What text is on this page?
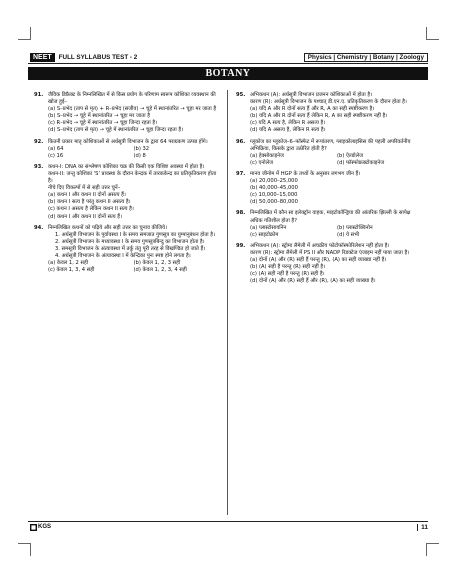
NEET	FULL SYLLABUS TEST - 2	Physics | Chemistry | Botany | Zoology
BOTANY
91. जैविक डिफ्रैक्‍ट के निम्नलिखित में से किस प्रयोग के परिणाम स्वरूप कोशिका व्‍यवस्‍थान की खोज हुई–
(a) S–प्रभेद (ताप से मृत) + R–प्रभेद (सजीव) → चूहे में स्थानांतरित → चूहा मर जाता है
(b) S–प्रभेद → चूहे में स्थानांतरित → चूहा मर जाता है
(c) R–प्रभेद → चूहे में स्थानांतरित → चूहा जिन्दा रहता है।
(d) S–प्रभेद (ताप से मृत) → चूहे में स्थानांतरित → चूहा जिन्दा रहता है।
92. कितनी प्रकार मातृ कोशिकाओं से अर्धसूत्री विभाजन के द्वारा 64 पराग्रकण उत्पन्न होंगे।
(a) 64	(b) 32
(c) 16	(d) 8
93. कथन-I: DNA का संश्लेषण कोशिका चक्र की किसी एक विशिष्ट अवस्था में होता है।
कथन-II: जन्तु कोशिका 'S' प्रावस्था के दौरान केन्द्रक में तारककेन्द्र का प्रतिकृतिकरण होता है।
नीचे दिए विकल्पों में से सही उत्तर चुनें–
(a) कथन I और कथन II दोनों असत्य हैं।
(b) कथन I सत्य है परंतु कथन II असत्य है।
(c) कथन I असत्य है लेकिन कथन II सत्य है।
(d) कथन I और कथन II दोनों सत्य हैं।
94. निम्नलिखित कथनों को पढ़िये और सही उत्तर का चुनाव कीजिये।
1. अर्धसूत्री विभाजन के पूर्वावस्था I के समय समजात गुणसूत्र का युग्मानुबंधन होता है।
2. अर्धसूत्री विभाजन के मध्यावस्था I के समय गुणसूत्रबिन्दु का विभाजन होता है।
3. समसूत्री विभाजन के अंत्यावस्था में तर्कु तंतु पूरी तरह से विखण्डित हो जाते हैं।
4. अर्धसूत्री विभाजन के अंत्यावस्था I में केन्द्रिका पुनः स्पष्ट होने लगता है।
(a) केवल 1, 2 सही	(b) केवल 1, 2, 3 सही
(c) केवल 1, 3, 4 सही	(d) केवल 1, 2, 3, 4 सही
95. अभिकथन (A): अर्धसूत्री विभाजन प्रजनन कोशिकाओं में होता है।
कारण (R): अर्धसूत्री विभाजन के पश्चात् डी.एन.ए. प्रतिकृतिकरण के दौरान होता है।
(a) यदि A और R दोनों सत्य हैं और R, A का सही स्पष्टीकरण है।
(b) यदि A और R दोनों सत्य हैं लेकिन R, A का सही स्पष्टीकरण नहीं है।
(c) यदि A सत्य है, लेकिन R असत्य है।
(d) यदि A असत्य है, लेकिन R सत्य है।
96. ग्लूकोज का ग्लूकोज–6–फॉस्फेट में रूपांतरण, ग्लाइकोलाइसिस की पहली अपरिवर्तनीय अभिक्रिया, किसके द्वारा उत्प्रेरित होती है?
(a) हेक्सोकाइनेज	(b) ऐल्डोलेज
(c) एनोलेज	(d) फॉस्फोफ्रक्टोकाइनेज
97. मानव जीनोम में HGP के तथ्यों के अनुसार लगभग जीन हैं।
(a) 20,000–25,000
(b) 40,000–45,000
(c) 10,000–15,000
(d) 50,000–80,000
98. निम्नलिखित में कौन सा इलेक्ट्रॉन वाहक, माइटोकॉन्ड्रिया की आंतरिक झिल्ली के सापेक्ष अधिक गतिशील होता है?
(a) प्लास्टोसायनिन	(b) प्लास्टोक्विनोन
(c) साइटोक्रोम	(d) ये सभी
99. अभिकथन (A): स्ट्रोमा लैमेली में अचक्रीय फोटोफॉस्फोरिलेशन नहीं होता है।
कारण (R): स्ट्रोमा लैमेली में PS II और NADP रिडक्टेज एंजाइम नहीं पाया जाता है।
(a) दोनों (A) और (R) सही हैं परन्तु (R), (A) का सही व्याख्या नहीं है।
(b) (A) सही है परन्तु (R) सही नहीं है।
(c) (A) सही नहीं है परन्तु (R) सही है।
(d) दोनों (A) और (R) सही हैं और (R), (A) का सही व्याख्या है।
KGS	11
